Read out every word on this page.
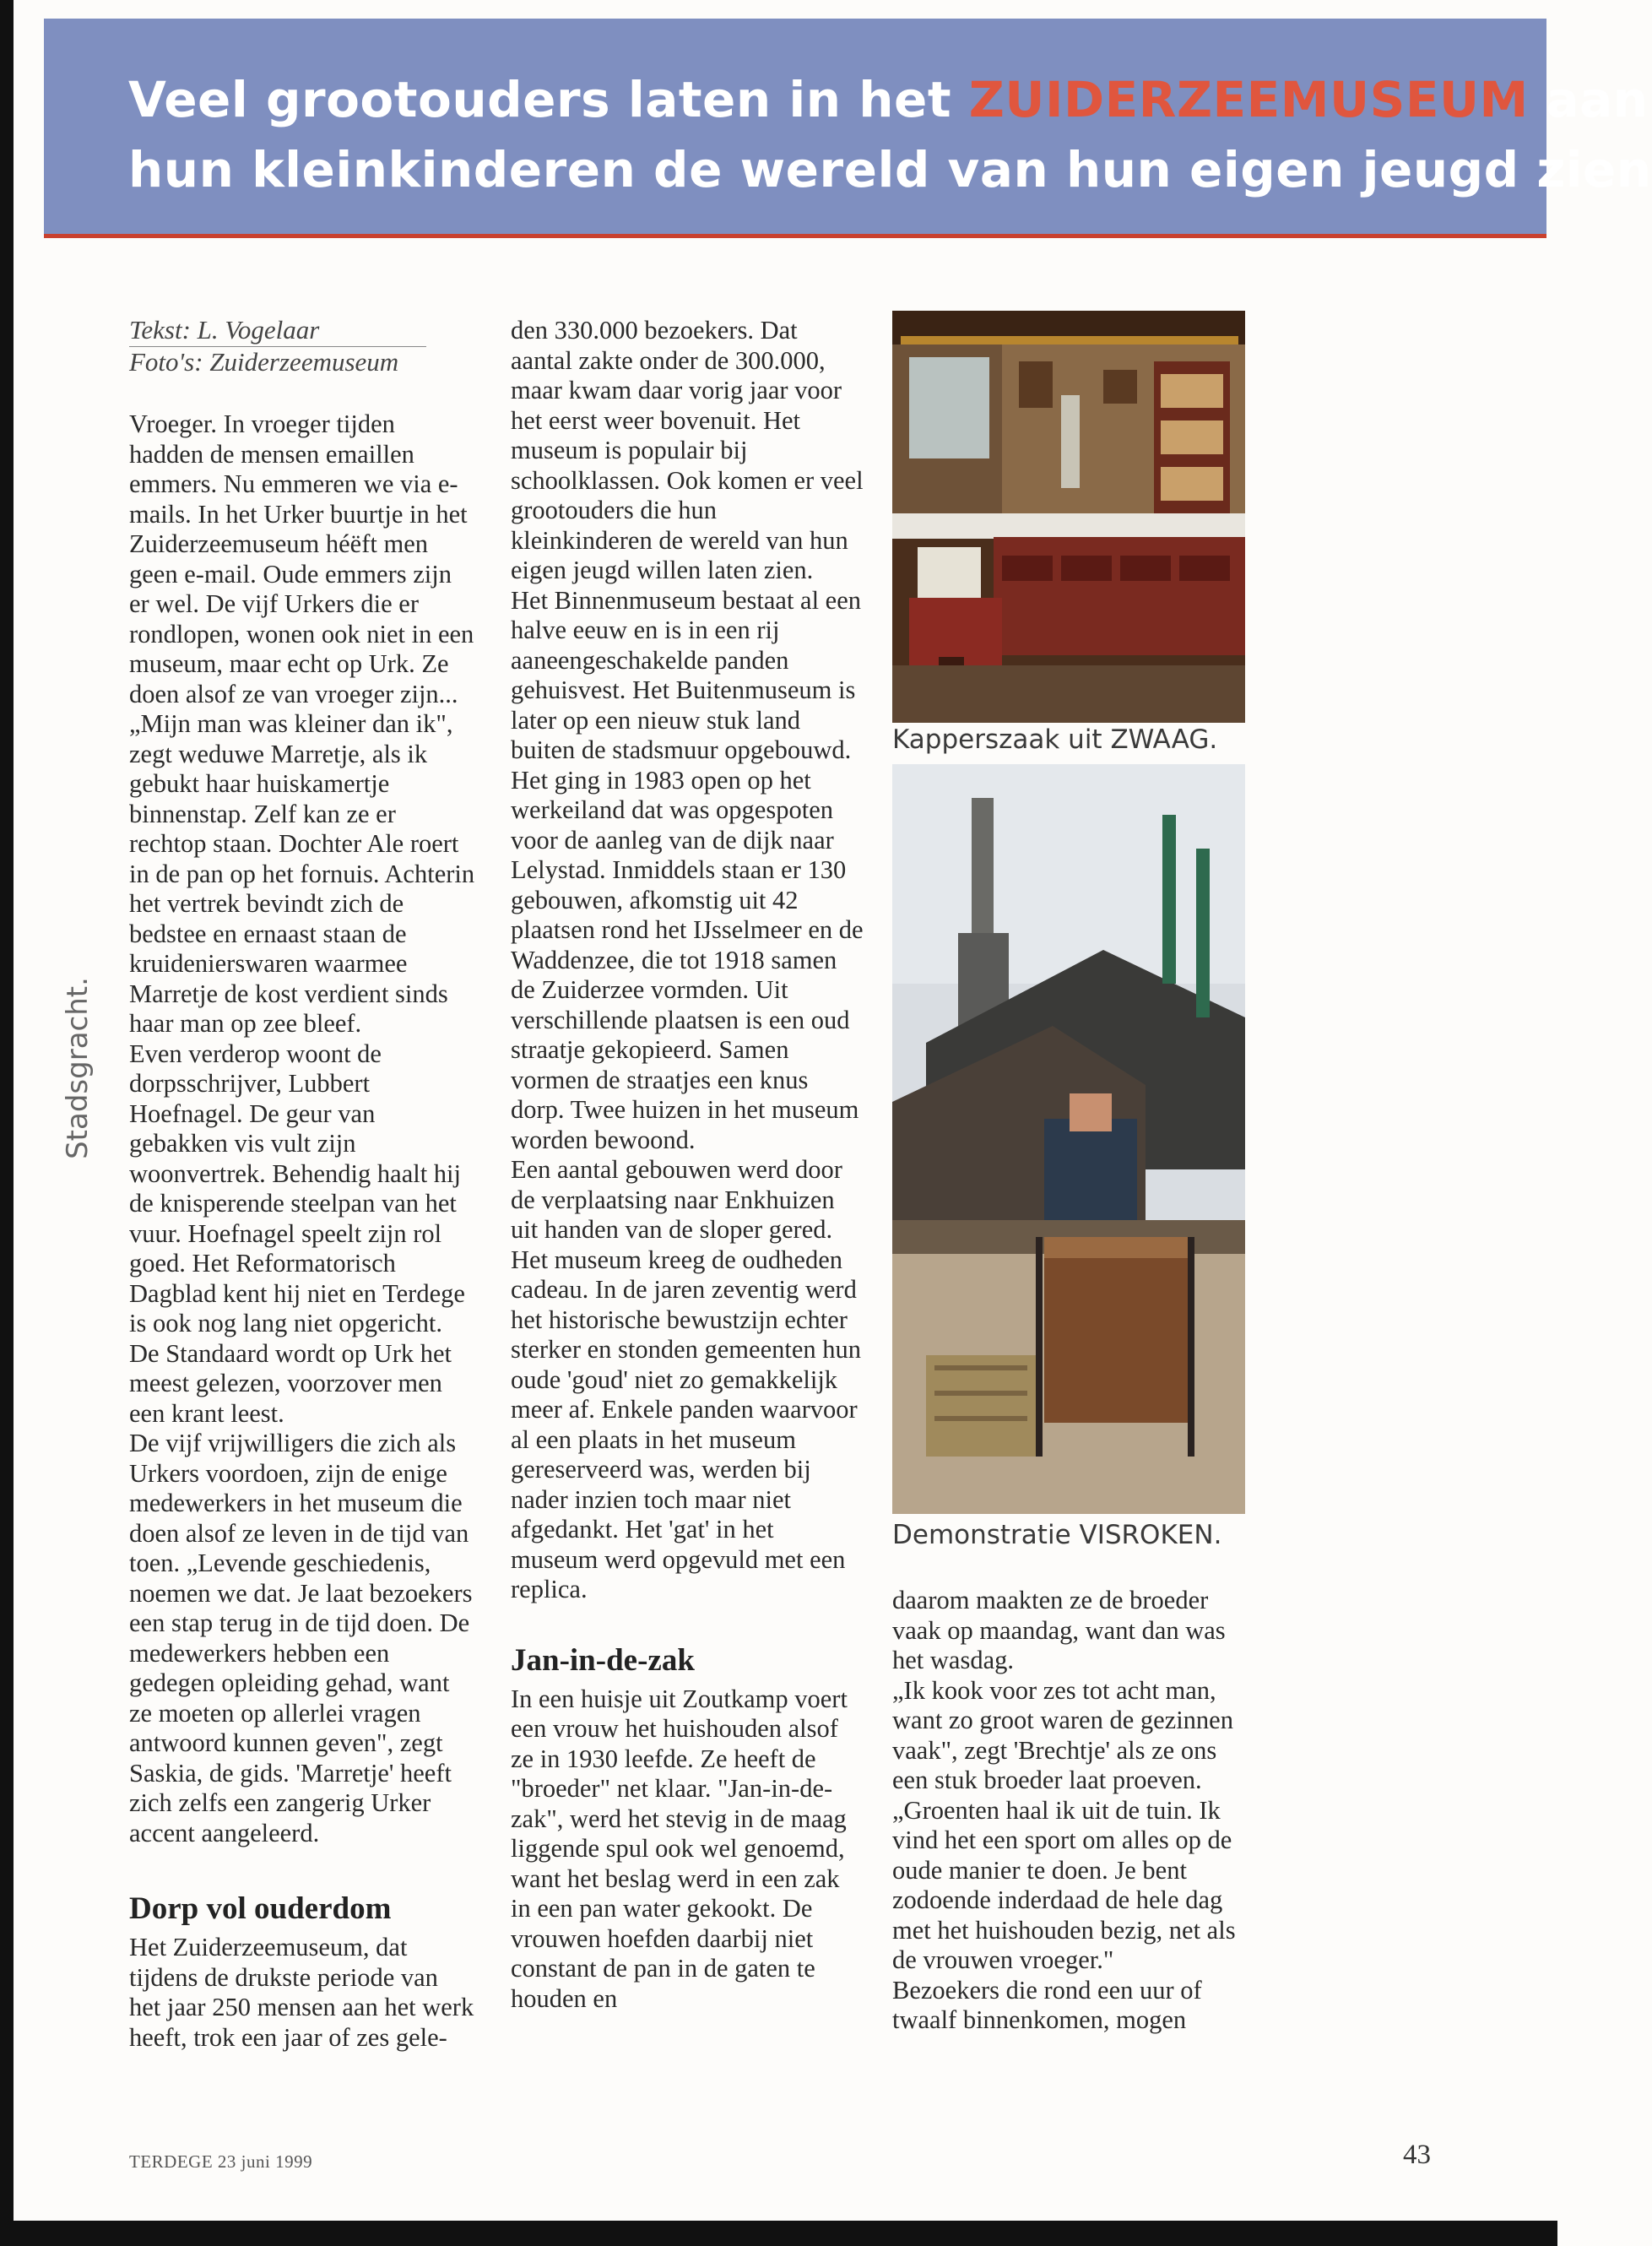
Veel grootouders laten in het ZUIDERZEEMUSEUM aan
hun kleinkinderen de wereld van hun eigen jeugd zien
Tekst: L. Vogelaar
Foto's: Zuiderzeemuseum
Stadsgracht.

Vroeger. In vroeger tijden hadden de mensen emaillen emmers. Nu emmeren we via e-mails. In het Urker buurtje in het Zuiderzeemuseum héëft men geen e-mail. Oude emmers zijn er wel. De vijf Urkers die er rondlopen, wonen ook niet in een museum, maar echt op Urk. Ze doen alsof ze van vroeger zijn...

„Mijn man was kleiner dan ik", zegt weduwe Marretje, als ik gebukt haar huiskamertje binnenstap. Zelf kan ze er rechtop staan. Dochter Ale roert in de pan op het fornuis. Achterin het vertrek bevindt zich de bedstee en ernaast staan de kruidenierswaren waarmee Marretje de kost verdient sinds haar man op zee bleef.

Even verderop woont de dorpsschrijver, Lubbert Hoefnagel. De geur van gebakken vis vult zijn woonvertrek. Behendig haalt hij de knisperende steelpan van het vuur. Hoefnagel speelt zijn rol goed. Het Reformatorisch Dagblad kent hij niet en Terdege is ook nog lang niet opgericht. De Standaard wordt op Urk het meest gelezen, voorzover men een krant leest.

De vijf vrijwilligers die zich als Urkers voordoen, zijn de enige medewerkers in het museum die doen alsof ze leven in de tijd van toen. „Levende geschiedenis, noemen we dat. Je laat bezoekers een stap terug in de tijd doen. De medewerkers hebben een gedegen opleiding gehad, want ze moeten op allerlei vragen antwoord kunnen geven", zegt Saskia, de gids. 'Marretje' heeft zich zelfs een zangerig Urker accent aangeleerd.

Dorp vol ouderdom

Het Zuiderzeemuseum, dat tijdens de drukste periode van het jaar 250 mensen aan het werk heeft, trok een jaar of zes gele-

den 330.000 bezoekers. Dat aantal zakte onder de 300.000, maar kwam daar vorig jaar voor het eerst weer bovenuit. Het museum is populair bij schoolklassen. Ook komen er veel grootouders die hun kleinkinderen de wereld van hun eigen jeugd willen laten zien.

Het Binnenmuseum bestaat al een halve eeuw en is in een rij aaneengeschakelde panden gehuisvest. Het Buitenmuseum is later op een nieuw stuk land buiten de stadsmuur opgebouwd. Het ging in 1983 open op het werkeiland dat was opgespoten voor de aanleg van de dijk naar Lelystad. Inmiddels staan er 130 gebouwen, afkomstig uit 42 plaatsen rond het IJsselmeer en de Waddenzee, die tot 1918 samen de Zuiderzee vormden. Uit verschillende plaatsen is een oud straatje gekopieerd. Samen vormen de straatjes een knus dorp. Twee huizen in het museum worden bewoond.

Een aantal gebouwen werd door de verplaatsing naar Enkhuizen uit handen van de sloper gered. Het museum kreeg de oudheden cadeau. In de jaren zeventig werd het historische bewustzijn echter sterker en stonden gemeenten hun oude 'goud' niet zo gemakkelijk meer af. Enkele panden waarvoor al een plaats in het museum gereserveerd was, werden bij nader inzien toch maar niet afgedankt. Het 'gat' in het museum werd opgevuld met een replica.

Jan-in-de-zak

In een huisje uit Zoutkamp voert een vrouw het huishouden alsof ze in 1930 leefde. Ze heeft de "broeder" net klaar. "Jan-in-de-zak", werd het stevig in de maag liggende spul ook wel genoemd, want het beslag werd in een zak in een pan water gekookt. De vrouwen hoefden daarbij niet constant de pan in de gaten te houden en

daarom maakten ze de broeder vaak op maandag, want dan was het wasdag.

„Ik kook voor zes tot acht man, want zo groot waren de gezinnen vaak", zegt 'Brechtje' als ze ons een stuk broeder laat proeven. „Groenten haal ik uit de tuin. Ik vind het een sport om alles op de oude manier te doen. Je bent zodoende inderdaad de hele dag met het huishouden bezig, net als de vrouwen vroeger."

Bezoekers die rond een uur of twaalf binnenkomen, mogen

Kapperszaak uit ZWAAG.
Demonstratie VISROKEN.
TERDEGE 23 juni 1999	43
